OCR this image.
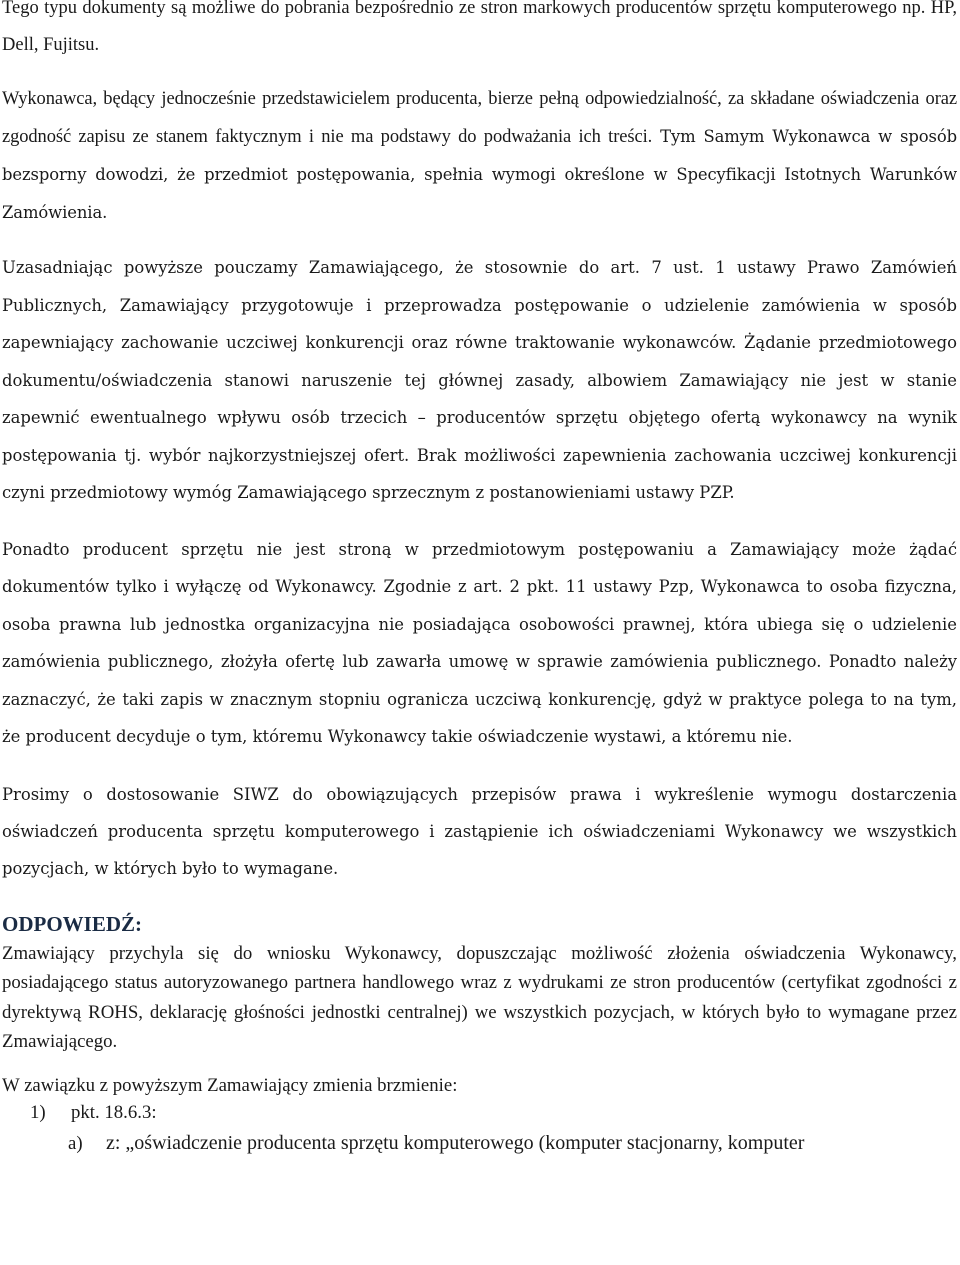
Tego typu dokumenty są możliwe do pobrania bezpośrednio ze stron markowych producentów sprzętu komputerowego np. HP, Dell, Fujitsu.

Wykonawca, będący jednocześnie przedstawicielem producenta, bierze pełną odpowiedzialność, za składane oświadczenia oraz zgodność zapisu ze stanem faktycznym i nie ma podstawy do podważania ich treści. Tym Samym Wykonawca w sposób bezsporny dowodzi, że przedmiot postępowania, spełnia wymogi określone w Specyfikacji Istotnych Warunków Zamówienia.

Uzasadniając powyższe pouczamy Zamawiającego, że stosownie do art. 7 ust. 1 ustawy Prawo Zamówień Publicznych, Zamawiający przygotowuje i przeprowadza postępowanie o udzielenie zamówienia w sposób zapewniający zachowanie uczciwej konkurencji oraz równe traktowanie wykonawców. Żądanie przedmiotowego dokumentu/oświadczenia stanowi naruszenie tej głównej zasady, albowiem Zamawiający nie jest w stanie zapewnić ewentualnego wpływu osób trzecich – producentów sprzętu objętego ofertą wykonawcy na wynik postępowania tj. wybór najkorzystniejszej ofert. Brak możliwości zapewnienia zachowania uczciwej konkurencji czyni przedmiotowy wymóg Zamawiającego sprzecznym z postanowieniami ustawy PZP.

Ponadto producent sprzętu nie jest stroną w przedmiotowym postępowaniu a Zamawiający może żądać dokumentów tylko i wyłączę od Wykonawcy. Zgodnie z art. 2 pkt. 11 ustawy Pzp, Wykonawca to osoba fizyczna, osoba prawna lub jednostka organizacyjna nie posiadająca osobowości prawnej, która ubiega się o udzielenie zamówienia publicznego, złożyła ofertę lub zawarła umowę w sprawie zamówienia publicznego. Ponadto należy zaznaczyć, że taki zapis w znacznym stopniu ogranicza uczciwą konkurencję, gdyż w praktyce polega to na tym, że producent decyduje o tym, któremu Wykonawcy takie oświadczenie wystawi, a któremu nie.

Prosimy o dostosowanie SIWZ do obowiązujących przepisów prawa i wykreślenie wymogu dostarczenia oświadczeń producenta sprzętu komputerowego i zastąpienie ich oświadczeniami Wykonawcy we wszystkich pozycjach, w których było to wymagane.

ODPOWIEDŹ:

Zmawiający przychyla się do wniosku Wykonawcy, dopuszczając możliwość złożenia oświadczenia Wykonawcy, posiadającego status autoryzowanego partnera handlowego wraz z wydrukami ze stron producentów (certyfikat zgodności z dyrektywą ROHS, deklarację głośności jednostki centralnej) we wszystkich pozycjach, w których było to wymagane przez Zmawiającego.

W zawiązku z powyższym Zamawiający zmienia brzmienie:

1)	pkt. 18.6.3:
a)	z: „oświadczenie producenta sprzętu komputerowego (komputer stacjonarny, komputer
